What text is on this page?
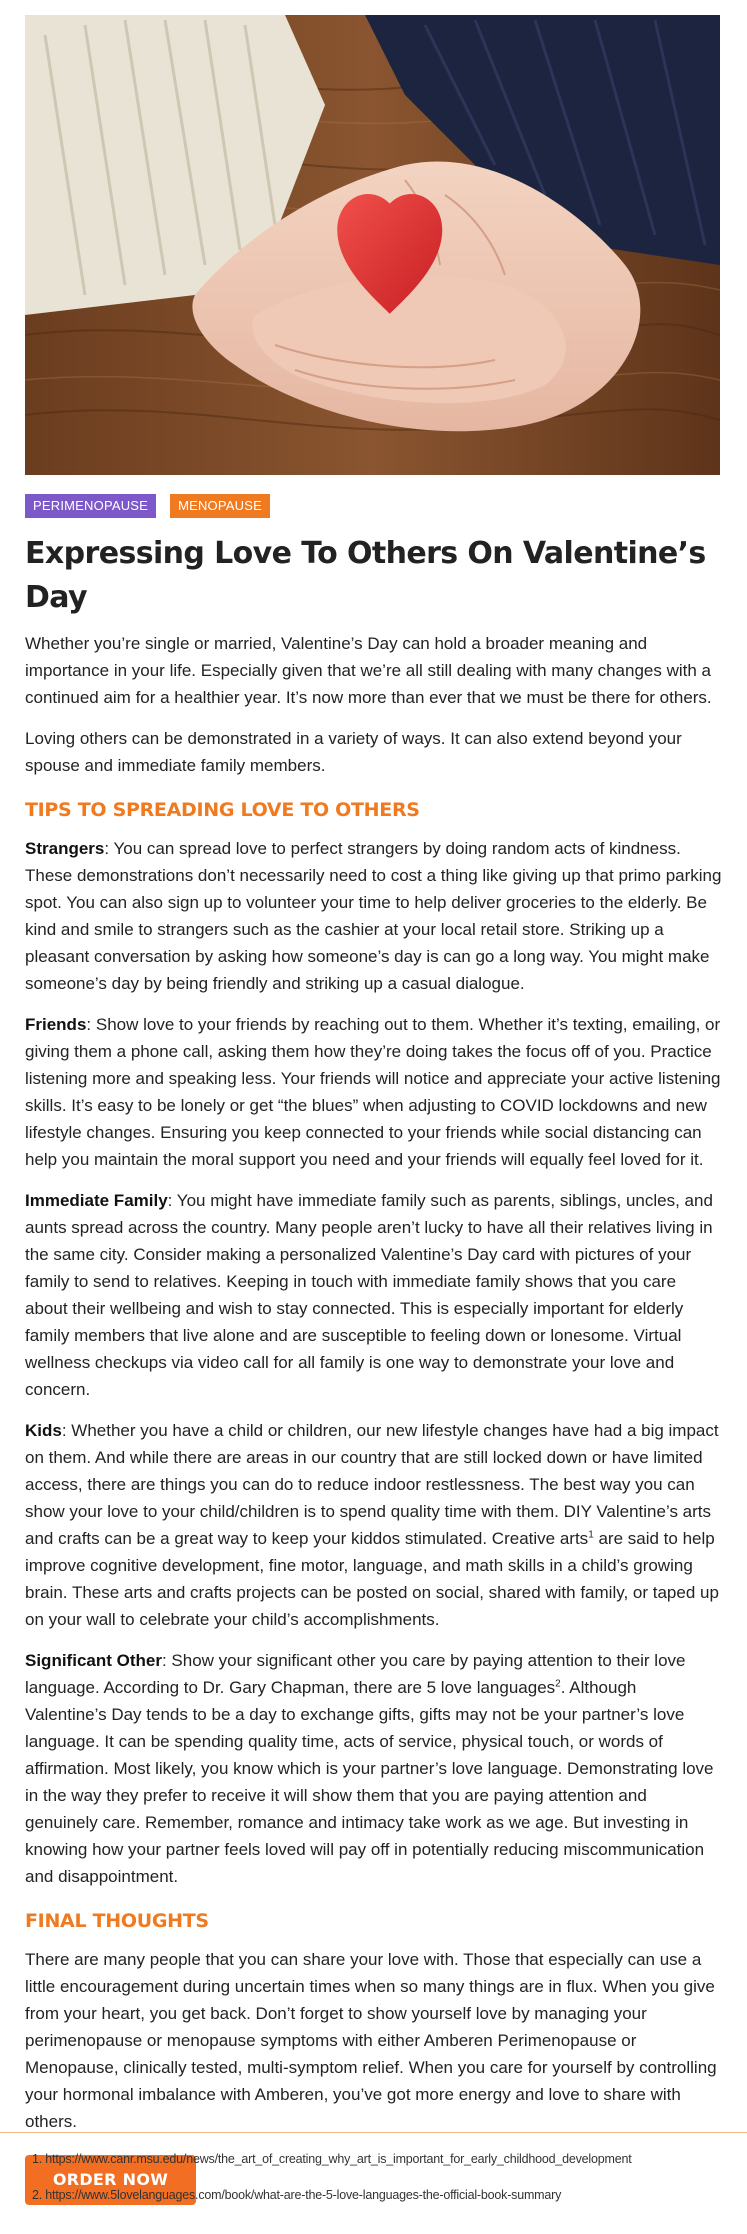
PERIMENOPAUSE	MENOPAUSE
Expressing Love To Others On Valentine’s Day

Whether you’re single or married, Valentine’s Day can hold a broader meaning and importance in your life. Especially given that we’re all still dealing with many changes with a continued aim for a healthier year. It’s now more than ever that we must be there for others.

Loving others can be demonstrated in a variety of ways. It can also extend beyond your spouse and immediate family members.

TIPS TO SPREADING LOVE TO OTHERS

Strangers: You can spread love to perfect strangers by doing random acts of kindness. These demonstrations don’t necessarily need to cost a thing like giving up that primo parking spot. You can also sign up to volunteer your time to help deliver groceries to the elderly. Be kind and smile to strangers such as the cashier at your local retail store. Striking up a pleasant conversation by asking how someone’s day is can go a long way. You might make someone’s day by being friendly and striking up a casual dialogue.

Friends: Show love to your friends by reaching out to them. Whether it’s texting, emailing, or giving them a phone call, asking them how they’re doing takes the focus off of you. Practice listening more and speaking less. Your friends will notice and appreciate your active listening skills. It’s easy to be lonely or get “the blues” when adjusting to COVID lockdowns and new lifestyle changes. Ensuring you keep connected to your friends while social distancing can help you maintain the moral support you need and your friends will equally feel loved for it.

Immediate Family: You might have immediate family such as parents, siblings, uncles, and aunts spread across the country. Many people aren’t lucky to have all their relatives living in the same city. Consider making a personalized Valentine’s Day card with pictures of your family to send to relatives. Keeping in touch with immediate family shows that you care about their wellbeing and wish to stay connected. This is especially important for elderly family members that live alone and are susceptible to feeling down or lonesome. Virtual wellness checkups via video call for all family is one way to demonstrate your love and concern.

Kids: Whether you have a child or children, our new lifestyle changes have had a big impact on them. And while there are areas in our country that are still locked down or have limited access, there are things you can do to reduce indoor restlessness. The best way you can show your love to your child/children is to spend quality time with them. DIY Valentine’s arts and crafts can be a great way to keep your kiddos stimulated. Creative arts$^1$ are said to help improve cognitive development, fine motor, language, and math skills in a child’s growing brain. These arts and crafts projects can be posted on social, shared with family, or taped up on your wall to celebrate your child’s accomplishments.

Significant Other: Show your significant other you care by paying attention to their love language. According to Dr. Gary Chapman, there are 5 love languages$^2$. Although Valentine’s Day tends to be a day to exchange gifts, gifts may not be your partner’s love language. It can be spending quality time, acts of service, physical touch, or words of affirmation. Most likely, you know which is your partner’s love language. Demonstrating love in the way they prefer to receive it will show them that you are paying attention and genuinely care. Remember, romance and intimacy take work as we age. But investing in knowing how your partner feels loved will pay off in potentially reducing miscommunication and disappointment.

FINAL THOUGHTS

There are many people that you can share your love with. Those that especially can use a little encouragement during uncertain times when so many things are in flux. When you give from your heart, you get back. Don’t forget to show yourself love by managing your perimenopause or menopause symptoms with either Amberen Perimenopause or Menopause, clinically tested, multi-symptom relief. When you care for yourself by controlling your hormonal imbalance with Amberen, you’ve got more energy and love to share with others.

ORDER NOW
1. https://www.canr.msu.edu/news/the_art_of_creating_why_art_is_important_for_early_childhood_development
2. https://www.5lovelanguages.com/book/what-are-the-5-love-languages-the-official-book-summary
